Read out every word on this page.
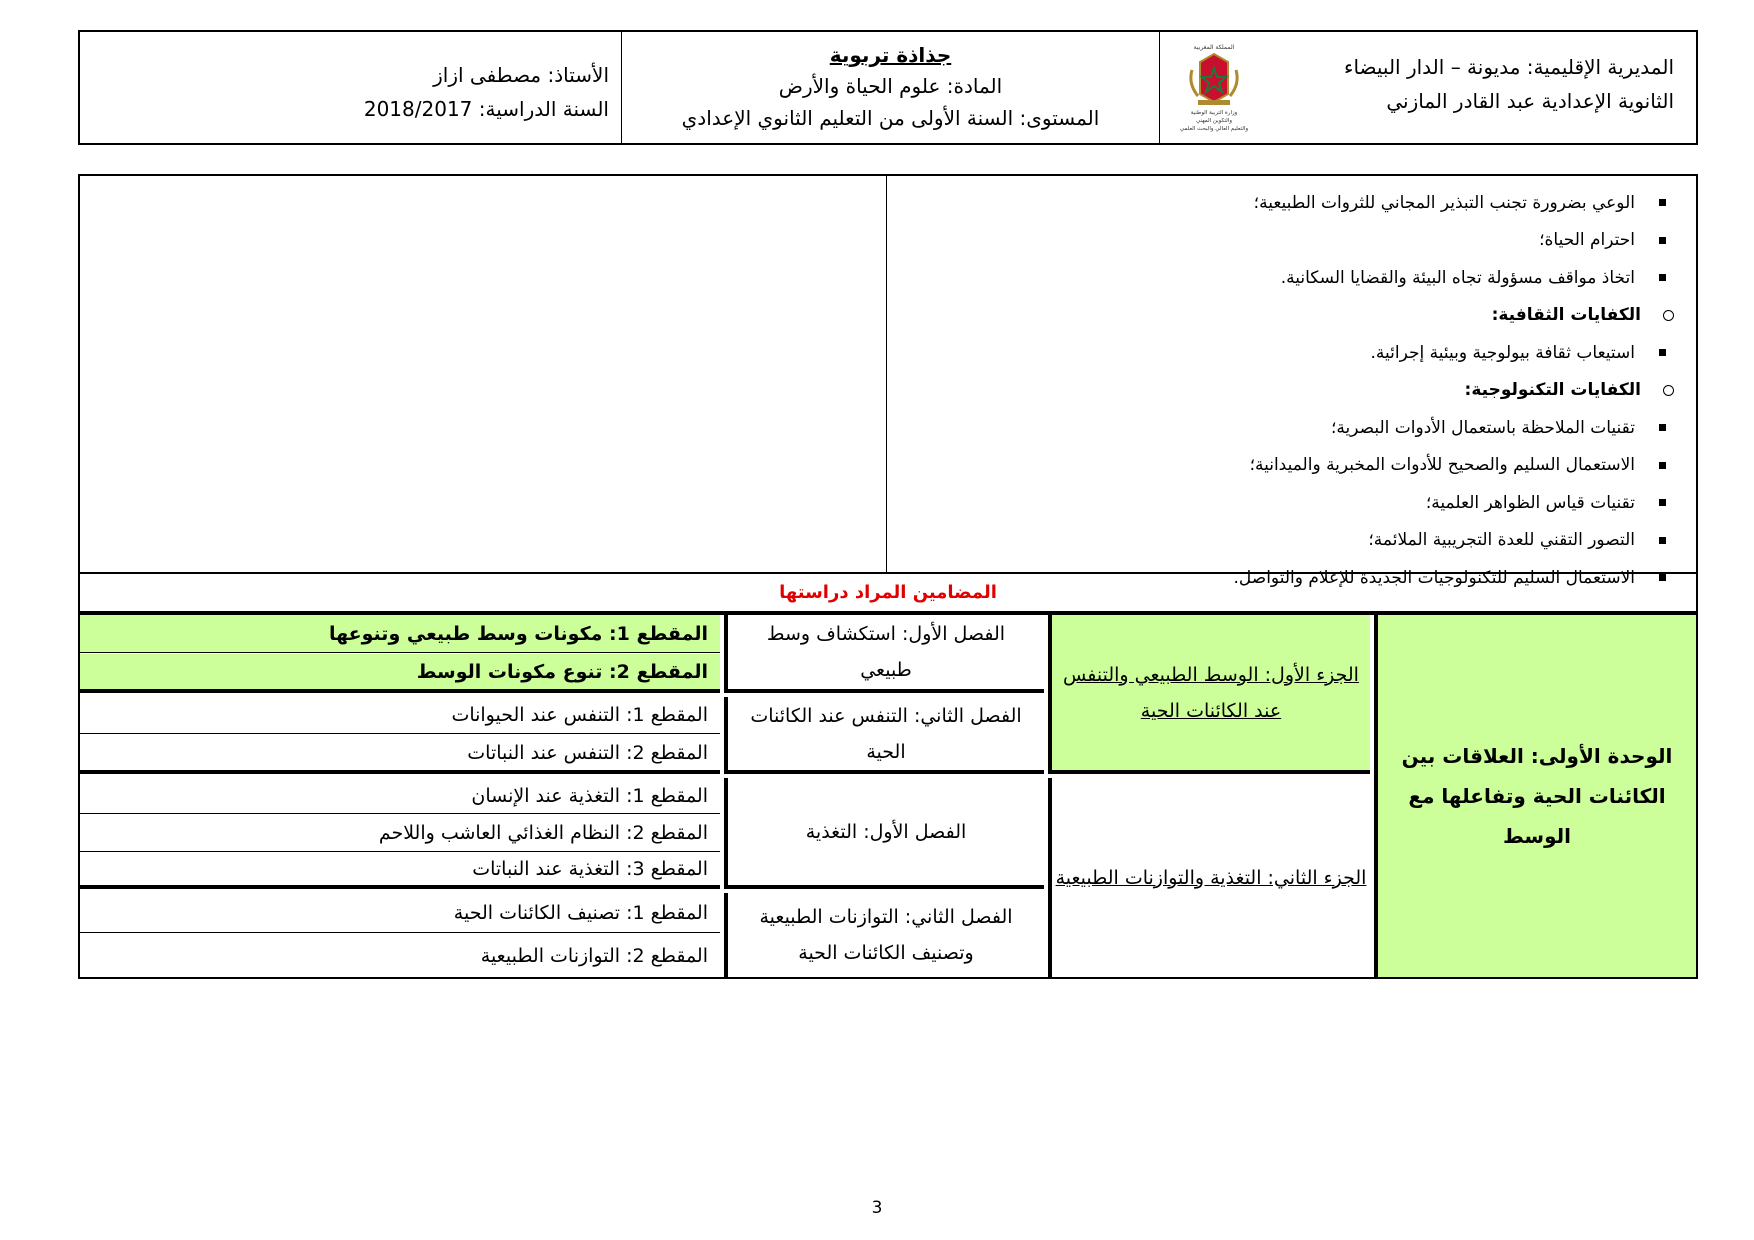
المديرية الإقليمية: مديونة – الدار البيضاء
الثانوية الإعدادية عبد القادر المازني
المملكة المغربية
وزارة التربية الوطنية
والتكوين المهني
والتعليم العالي والبحث العلمي
جذاذة تربوية
المادة: علوم الحياة والأرض
المستوى: السنة الأولى من التعليم الثانوي الإعدادي
الأستاذ: مصطفى ازاز
السنة الدراسية: 2018/2017
الوعي بضرورة تجنب التبذير المجاني للثروات الطبيعية؛
احترام الحياة؛
اتخاذ مواقف مسؤولة تجاه البيئة والقضايا السكانية.
الكفايات الثقافية:
استيعاب ثقافة بيولوجية وبيئية إجرائية.
الكفايات التكنولوجية:
تقنيات الملاحظة باستعمال الأدوات البصرية؛
الاستعمال السليم والصحيح للأدوات المخبرية والميدانية؛
تقنيات قياس الظواهر العلمية؛
التصور التقني للعدة التجريبية الملائمة؛
الاستعمال السليم للتكنولوجيات الجديدة للإعلام والتواصل.
المضامين المراد دراستها
الوحدة الأولى: العلاقات بين الكائنات الحية وتفاعلها مع الوسط
الجزء الأول: الوسط الطبيعي والتنفس عند الكائنات الحية
الجزء الثاني: التغذية والتوازنات الطبيعية
الفصل الأول: استكشاف وسط طبيعي
الفصل الثاني: التنفس عند الكائنات الحية
الفصل الأول: التغذية
الفصل الثاني: التوازنات الطبيعية وتصنيف الكائنات الحية
المقطع 1: مكونات وسط طبيعي وتنوعها
المقطع 2: تنوع مكونات الوسط
المقطع 1: التنفس عند الحيوانات
المقطع 2: التنفس عند النباتات
المقطع 1: التغذية عند الإنسان
المقطع 2: النظام الغذائي العاشب واللاحم
المقطع 3: التغذية عند النباتات
المقطع 1: تصنيف الكائنات الحية
المقطع 2: التوازنات الطبيعية
3
